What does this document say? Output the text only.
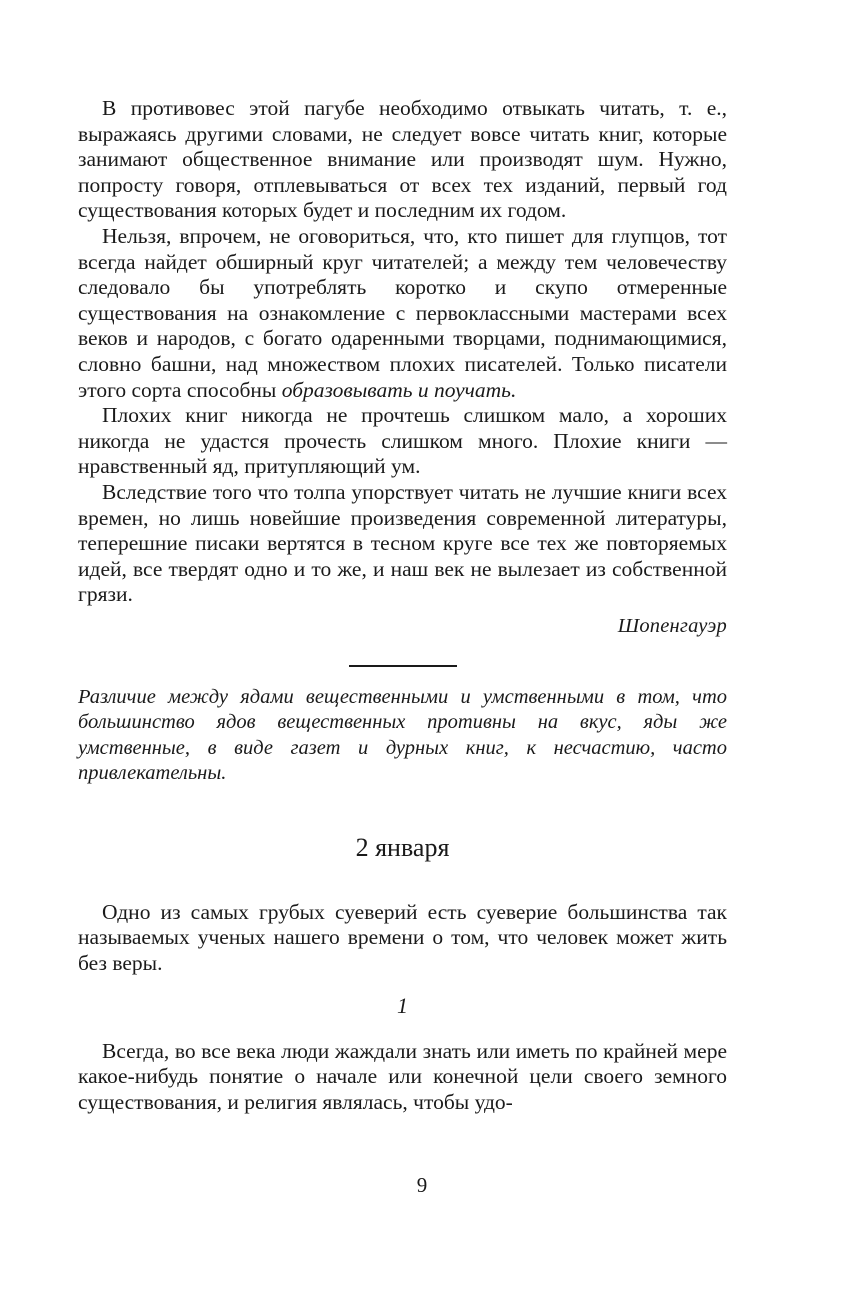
В противовес этой пагубе необходимо отвыкать читать, т. е., выражаясь другими словами, не следует вовсе читать книг, которые занимают общественное внимание или производят шум. Нужно, попросту говоря, отплевываться от всех тех изданий, первый год существования которых будет и последним их годом.

Нельзя, впрочем, не оговориться, что, кто пишет для глупцов, тот всегда найдет обширный круг читателей; а между тем человечеству следовало бы употреблять коротко и скупо отмеренные существования на ознакомление с первоклассными мастерами всех веков и народов, с богато одаренными творцами, поднимающимися, словно башни, над множеством плохих писателей. Только писатели этого сорта способны образовывать и поучать.

Плохих книг никогда не прочтешь слишком мало, а хороших никогда не удастся прочесть слишком много. Плохие книги — нравственный яд, притупляющий ум.

Вследствие того что толпа упорствует читать не лучшие книги всех времен, но лишь новейшие произведения современной литературы, теперешние писаки вертятся в тесном круге все тех же повторяемых идей, все твердят одно и то же, и наш век не вылезает из собственной грязи.

Шопенгауэр

Различие между ядами вещественными и умственными в том, что большинство ядов вещественных противны на вкус, яды же умственные, в виде газет и дурных книг, к несчастию, часто привлекательны.

2 января

Одно из самых грубых суеверий есть суеверие большинства так называемых ученых нашего времени о том, что человек может жить без веры.

1

Всегда, во все века люди жаждали знать или иметь по крайней мере какое-нибудь понятие о начале или конечной цели своего земного существования, и религия являлась, чтобы удо-

9
